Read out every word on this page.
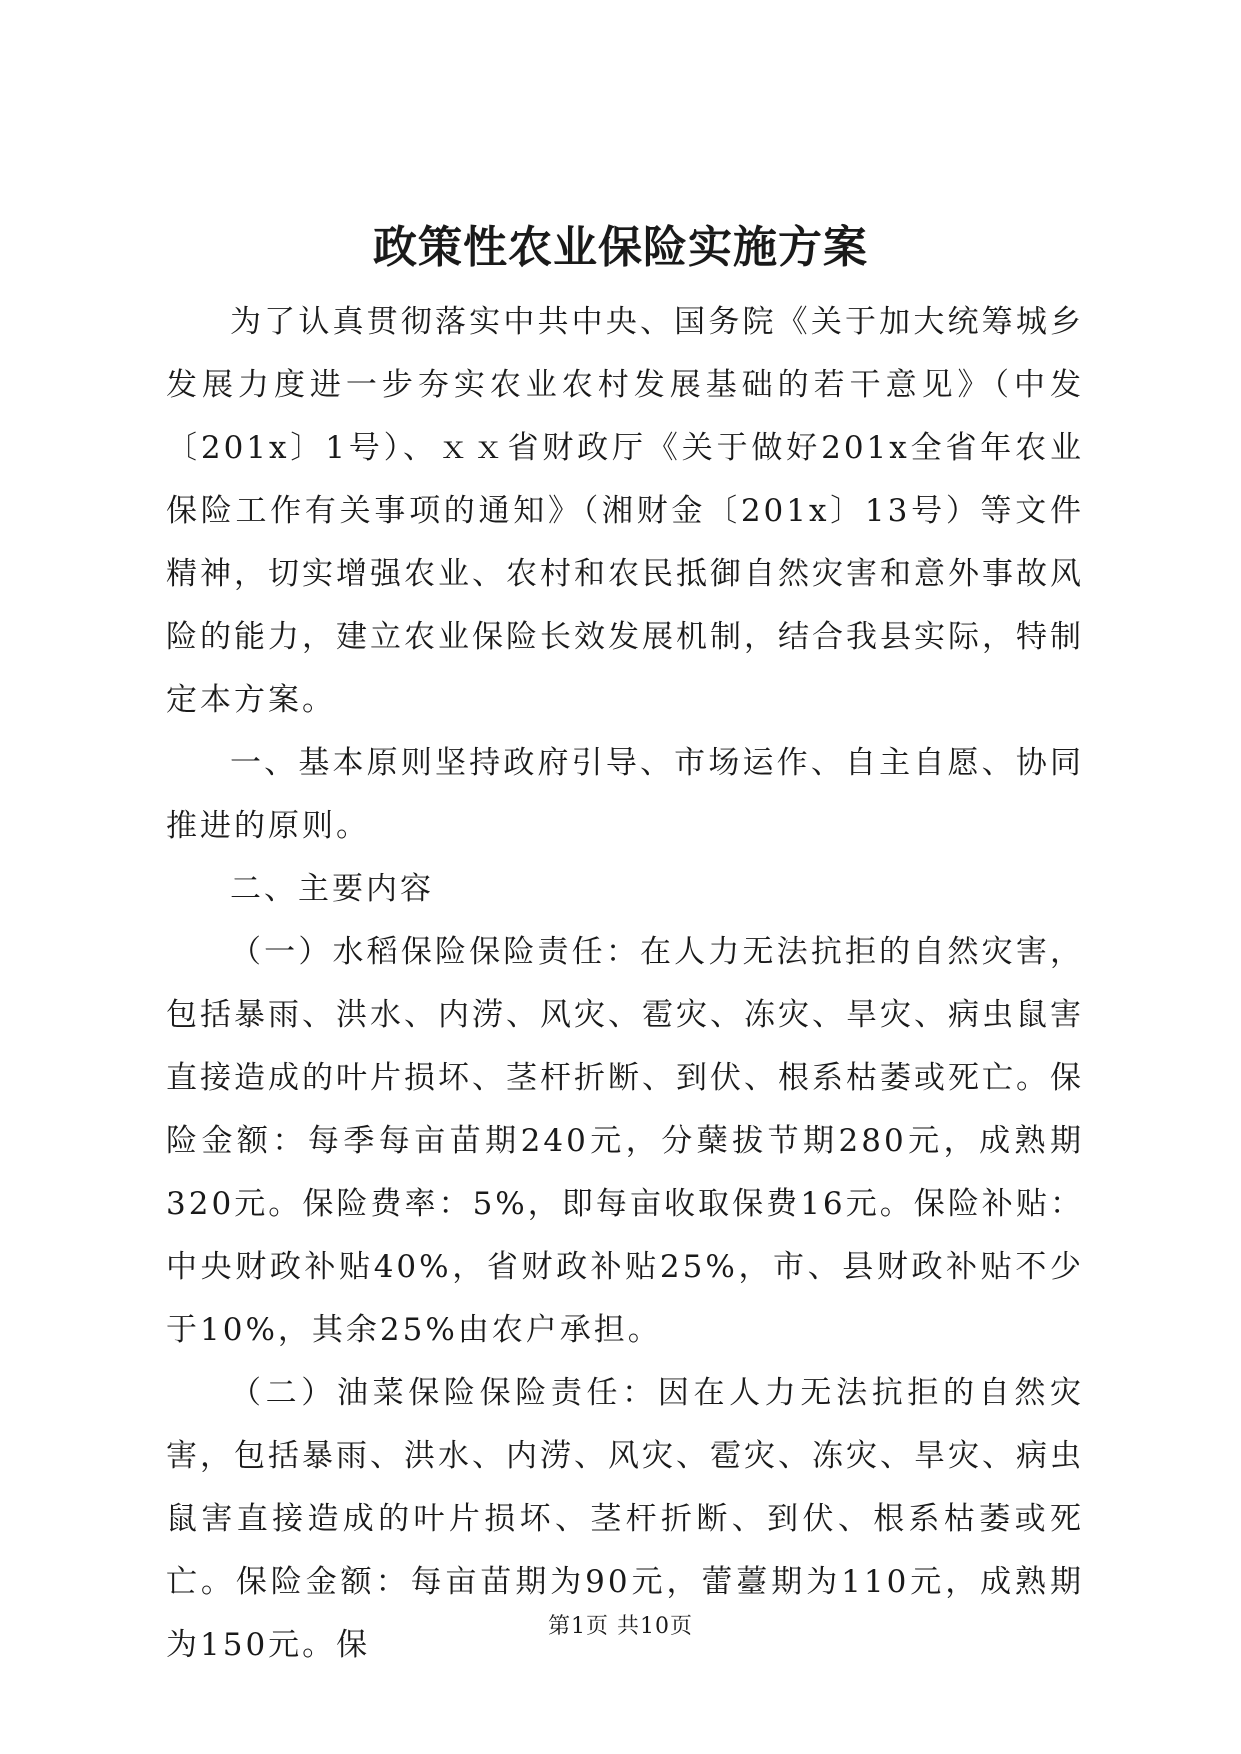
政策性农业保险实施方案

为了认真贯彻落实中共中央、国务院《关于加大统筹城乡发展力度进一步夯实农业农村发展基础的若干意见》（中发〔201x〕1号）、ｘｘ省财政厅《关于做好201x全省年农业保险工作有关事项的通知》（湘财金〔201x〕13号）等文件精神，切实增强农业、农村和农民抵御自然灾害和意外事故风险的能力，建立农业保险长效发展机制，结合我县实际，特制定本方案。

一、基本原则坚持政府引导、市场运作、自主自愿、协同推进的原则。

二、主要内容

（一）水稻保险保险责任：在人力无法抗拒的自然灾害，包括暴雨、洪水、内涝、风灾、雹灾、冻灾、旱灾、病虫鼠害直接造成的叶片损坏、茎杆折断、到伏、根系枯萎或死亡。保险金额：每季每亩苗期240元，分蘖拔节期280元，成熟期320元。保险费率：5%，即每亩收取保费16元。保险补贴：中央财政补贴40%，省财政补贴25%，市、县财政补贴不少于10%，其余25%由农户承担。

（二）油菜保险保险责任：因在人力无法抗拒的自然灾害，包括暴雨、洪水、内涝、风灾、雹灾、冻灾、旱灾、病虫鼠害直接造成的叶片损坏、茎杆折断、到伏、根系枯萎或死亡。保险金额：每亩苗期为90元，蕾薹期为110元，成熟期为150元。保

第1页 共10页
